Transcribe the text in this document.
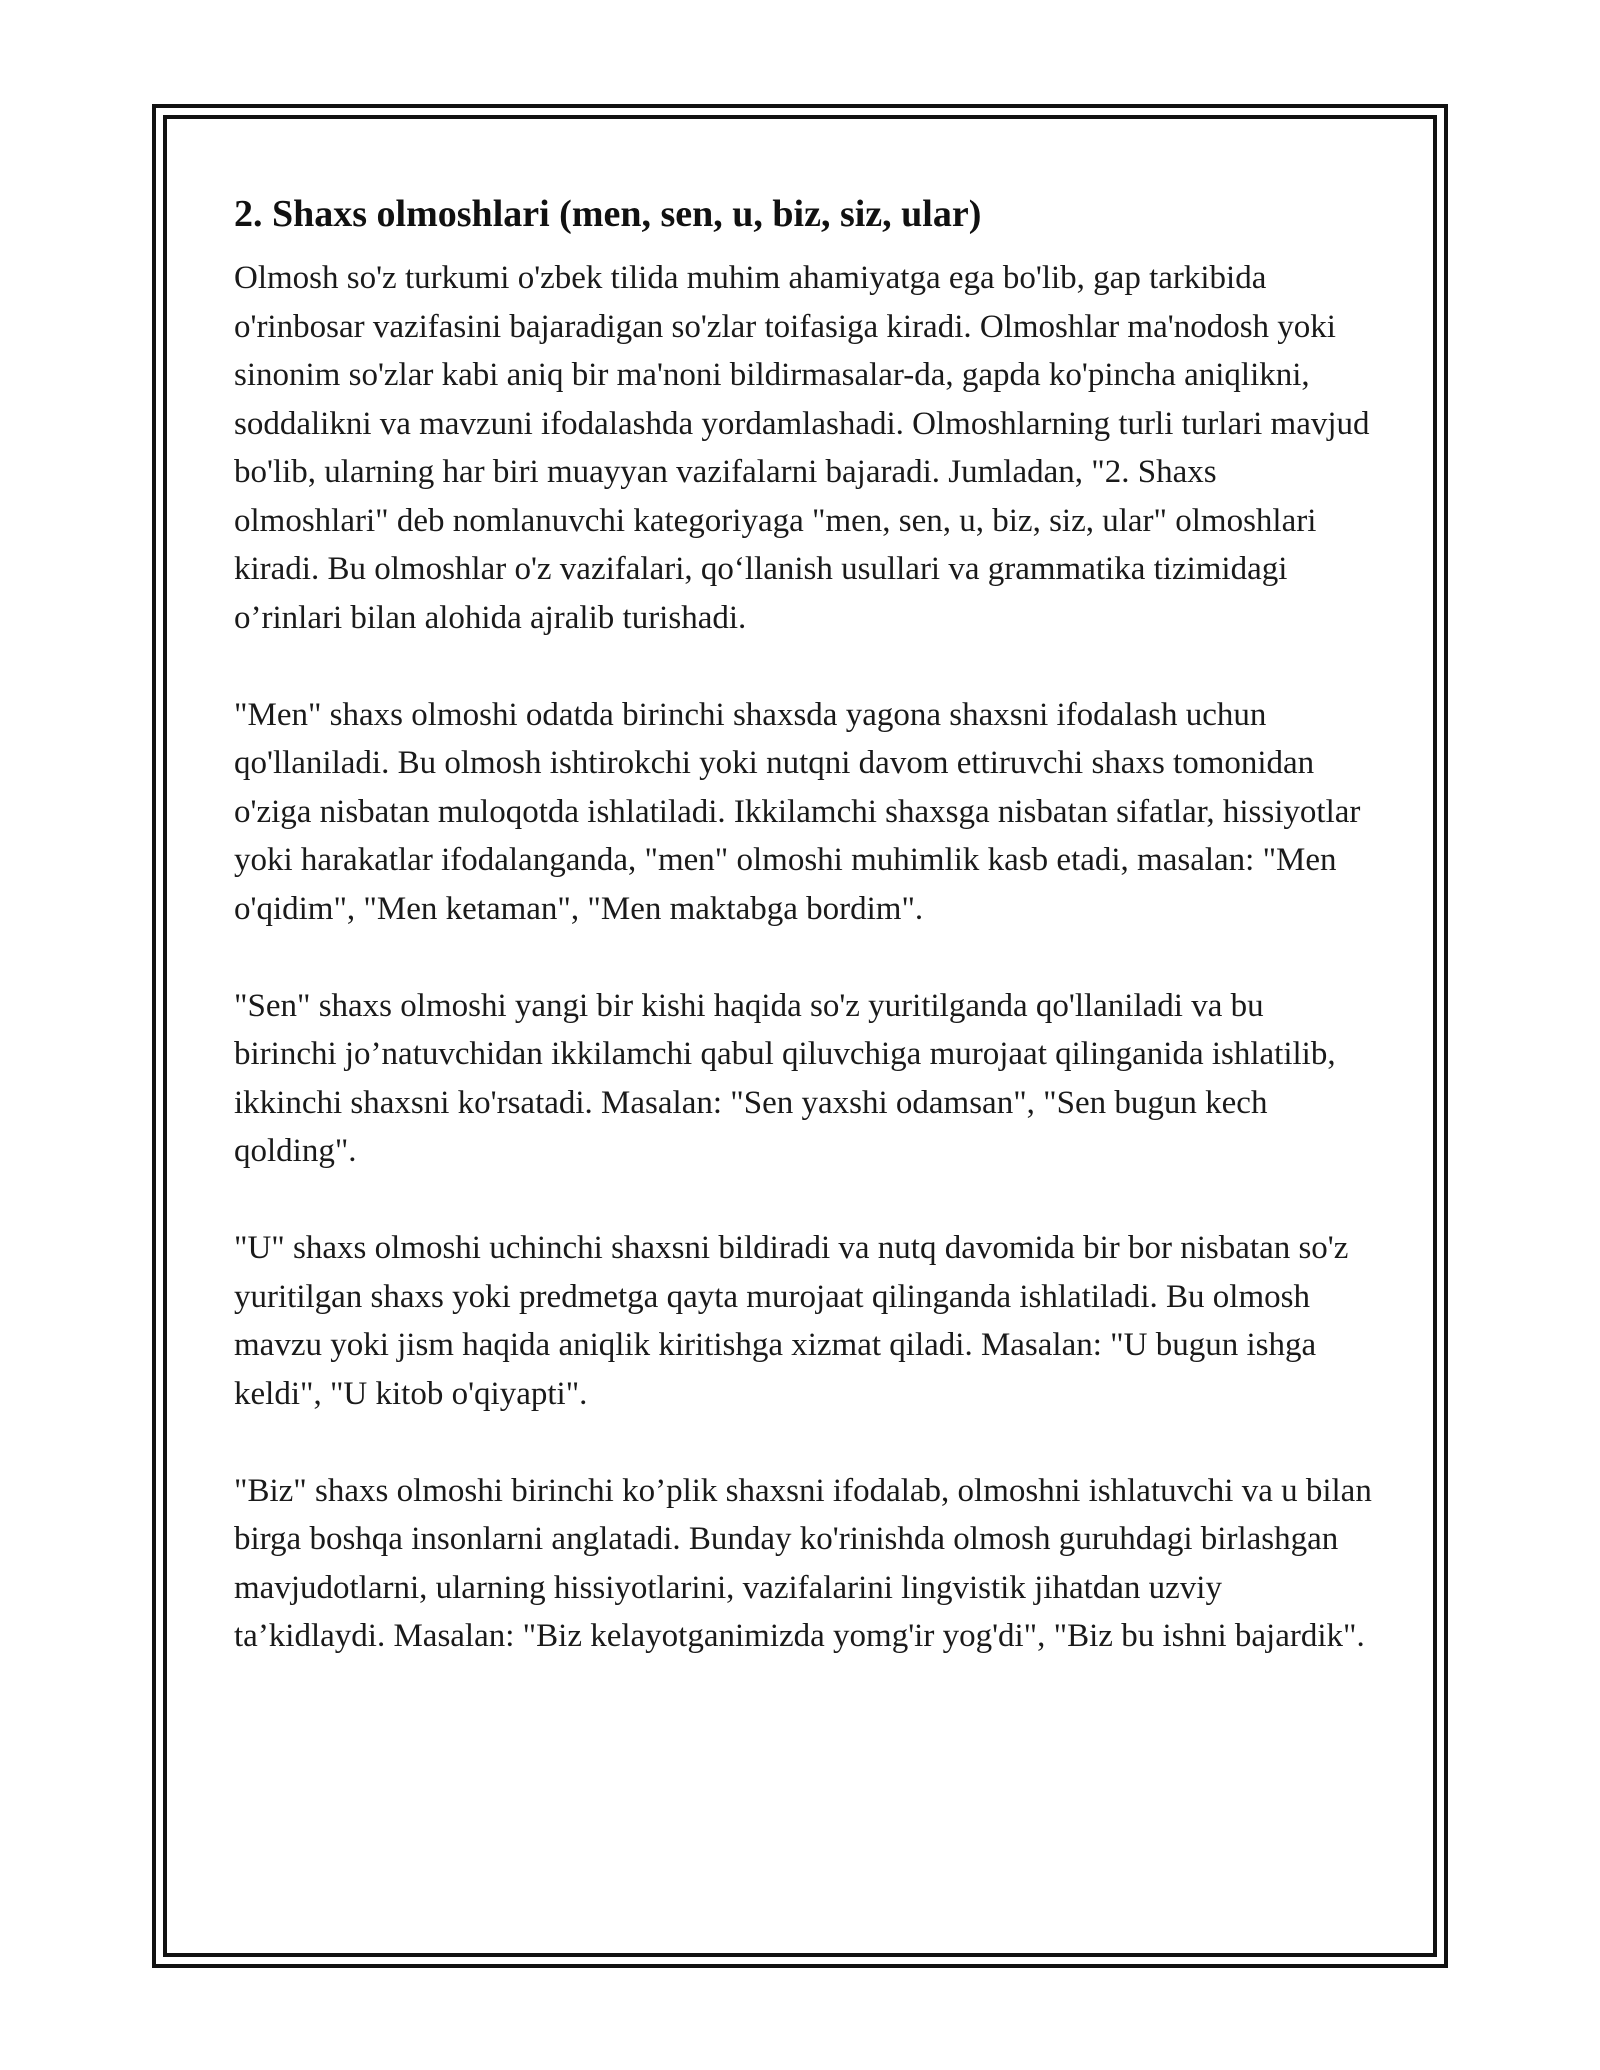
2. Shaxs olmoshlari (men, sen, u, biz, siz, ular)

Olmosh so'z turkumi o'zbek tilida muhim ahamiyatga ega bo'lib, gap tarkibida o'rinbosar vazifasini bajaradigan so'zlar toifasiga kiradi. Olmoshlar ma'nodosh yoki sinonim so'zlar kabi aniq bir ma'noni bildirmasalar-da, gapda ko'pincha aniqlikni, soddalikni va mavzuni ifodalashda yordamlashadi. Olmoshlarning turli turlari mavjud bo'lib, ularning har biri muayyan vazifalarni bajaradi. Jumladan, "2. Shaxs olmoshlari" deb nomlanuvchi kategoriyaga "men, sen, u, biz, siz, ular" olmoshlari kiradi. Bu olmoshlar o'z vazifalari, qo‘llanish usullari va grammatika tizimidagi o’rinlari bilan alohida ajralib turishadi.

"Men" shaxs olmoshi odatda birinchi shaxsda yagona shaxsni ifodalash uchun qo'llaniladi. Bu olmosh ishtirokchi yoki nutqni davom ettiruvchi shaxs tomonidan o'ziga nisbatan muloqotda ishlatiladi. Ikkilamchi shaxsga nisbatan sifatlar, hissiyotlar yoki harakatlar ifodalanganda, "men" olmoshi muhimlik kasb etadi, masalan: "Men o'qidim", "Men ketaman", "Men maktabga bordim".

"Sen" shaxs olmoshi yangi bir kishi haqida so'z yuritilganda qo'llaniladi va bu birinchi jo’natuvchidan ikkilamchi qabul qiluvchiga murojaat qilinganida ishlatilib, ikkinchi shaxsni ko'rsatadi. Masalan: "Sen yaxshi odamsan", "Sen bugun kech qolding".

"U" shaxs olmoshi uchinchi shaxsni bildiradi va nutq davomida bir bor nisbatan so'z yuritilgan shaxs yoki predmetga qayta murojaat qilinganda ishlatiladi. Bu olmosh mavzu yoki jism haqida aniqlik kiritishga xizmat qiladi. Masalan: "U bugun ishga keldi", "U kitob o'qiyapti".

"Biz" shaxs olmoshi birinchi ko’plik shaxsni ifodalab, olmoshni ishlatuvchi va u bilan birga boshqa insonlarni anglatadi. Bunday ko'rinishda olmosh guruhdagi birlashgan mavjudotlarni, ularning hissiyotlarini, vazifalarini lingvistik jihatdan uzviy ta’kidlaydi. Masalan: "Biz kelayotganimizda yomg'ir yog'di", "Biz bu ishni bajardik".
